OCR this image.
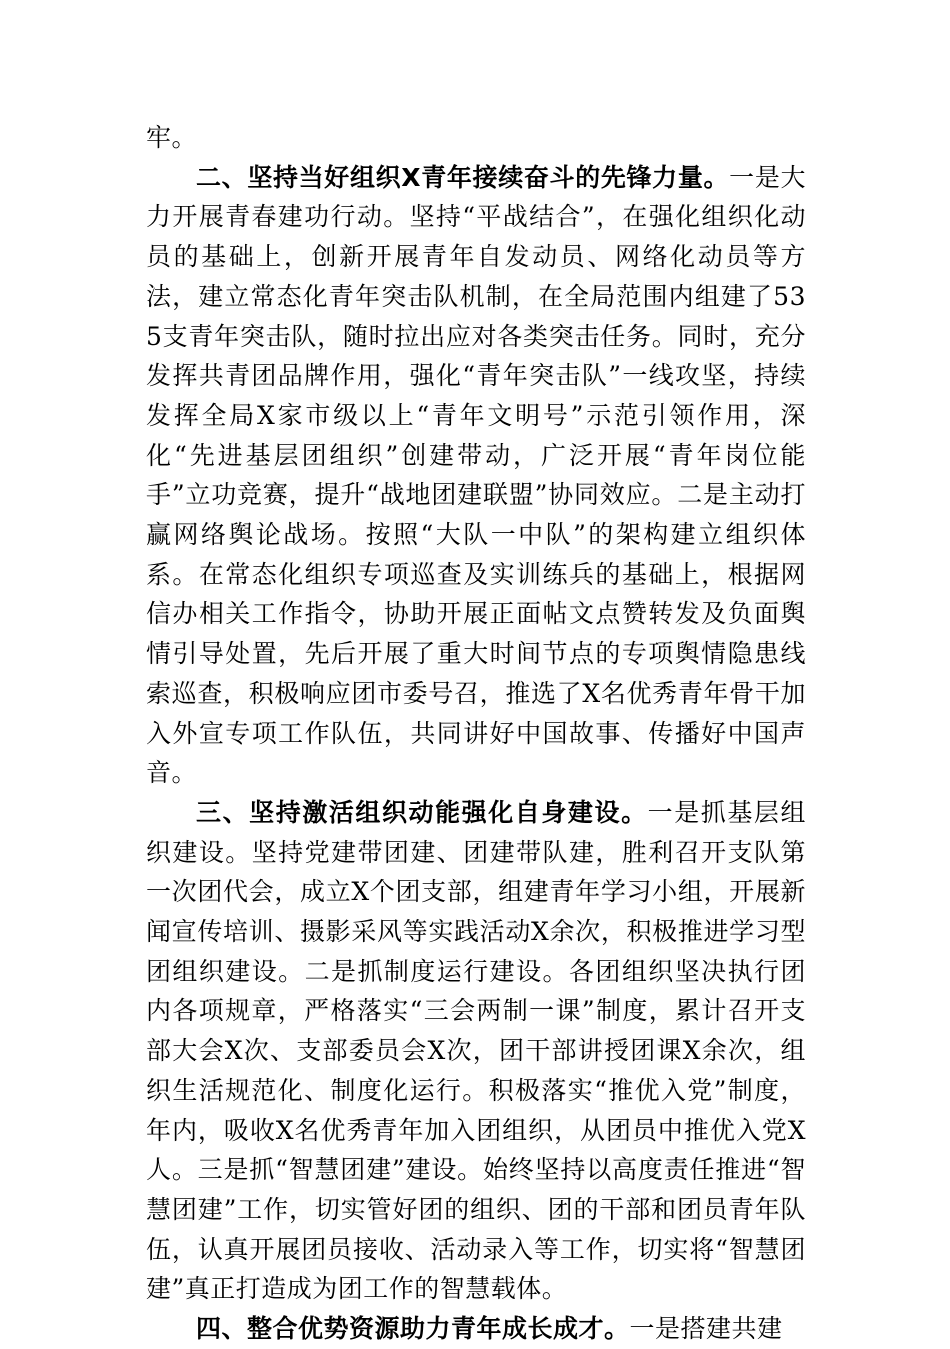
牢。

二、坚持当好组织X青年接续奋斗的先锋力量。一是大力开展青春建功行动。坚持“平战结合”，在强化组织化动员的基础上，创新开展青年自发动员、网络化动员等方法，建立常态化青年突击队机制，在全局范围内组建了535支青年突击队，随时拉出应对各类突击任务。同时，充分发挥共青团品牌作用，强化“青年突击队”一线攻坚，持续发挥全局X家市级以上“青年文明号”示范引领作用，深化“先进基层团组织”创建带动，广泛开展“青年岗位能手”立功竞赛，提升“战地团建联盟”协同效应。二是主动打赢网络舆论战场。按照“大队一中队”的架构建立组织体系。在常态化组织专项巡查及实训练兵的基础上，根据网信办相关工作指令，协助开展正面帖文点赞转发及负面舆情引导处置，先后开展了重大时间节点的专项舆情隐患线索巡查，积极响应团市委号召，推选了X名优秀青年骨干加入外宣专项工作队伍，共同讲好中国故事、传播好中国声音。

三、坚持激活组织动能强化自身建设。一是抓基层组织建设。坚持党建带团建、团建带队建，胜利召开支队第一次团代会，成立X个团支部，组建青年学习小组，开展新闻宣传培训、摄影采风等实践活动X余次，积极推进学习型团组织建设。二是抓制度运行建设。各团组织坚决执行团内各项规章，严格落实“三会两制一课”制度，累计召开支部大会X次、支部委员会X次，团干部讲授团课X余次，组织生活规范化、制度化运行。积极落实“推优入党”制度，年内，吸收X名优秀青年加入团组织，从团员中推优入党X人。三是抓“智慧团建”建设。始终坚持以高度责任推进“智慧团建”工作，切实管好团的组织、团的干部和团员青年队伍，认真开展团员接收、活动录入等工作，切实将“智慧团建”真正打造成为团工作的智慧载体。

四、整合优势资源助力青年成长成才。一是搭建共建
